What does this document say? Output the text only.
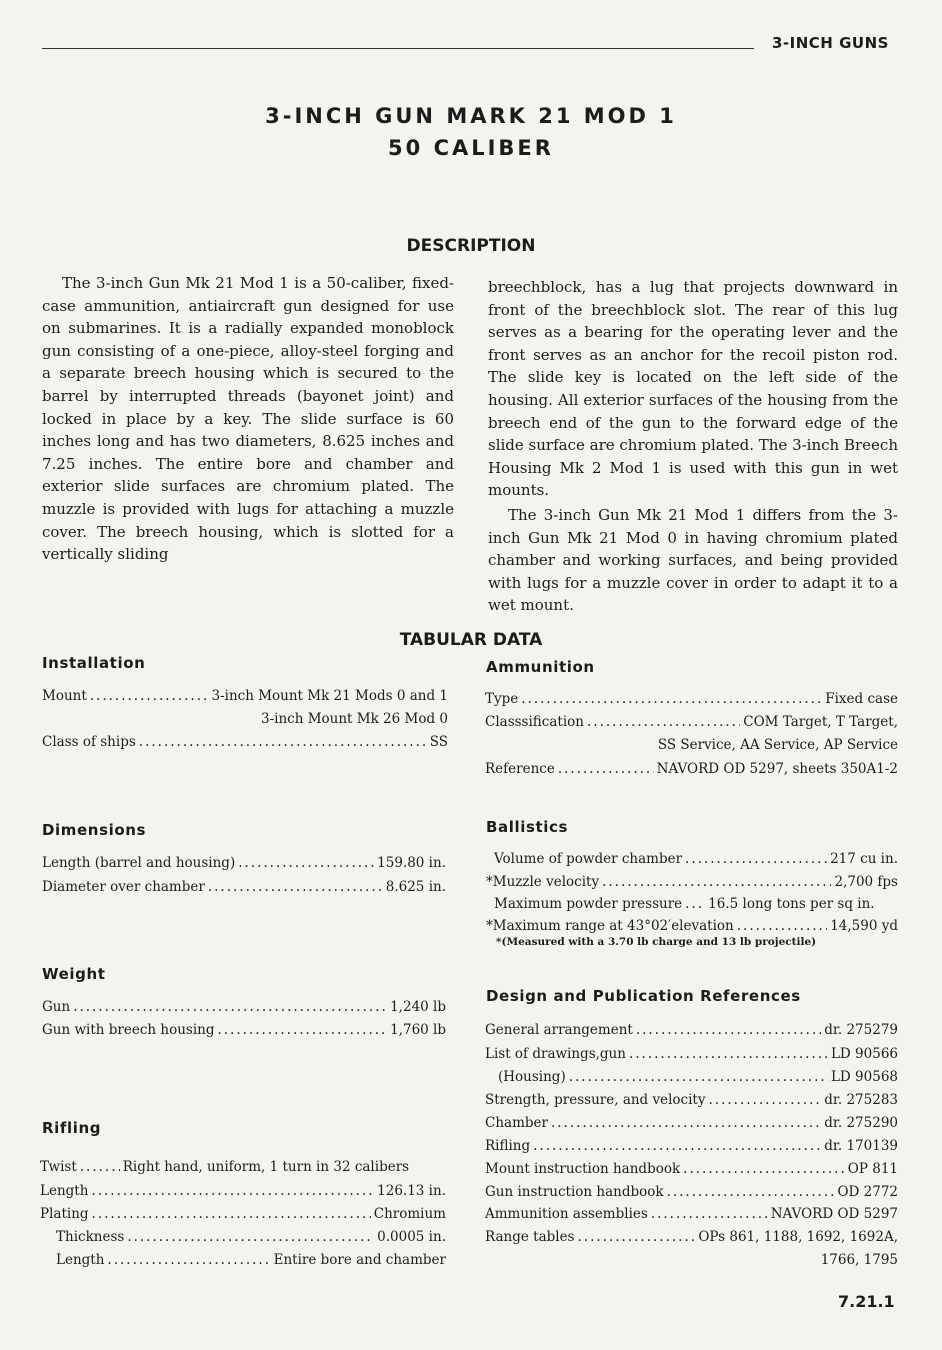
3-INCH GUNS
3-INCH GUN MARK 21 MOD 1
50 CALIBER
DESCRIPTION

The 3-inch Gun Mk 21 Mod 1 is a 50-caliber, fixed-case ammunition, antiaircraft gun designed for use on submarines. It is a radially expanded monoblock gun consisting of a one-piece, alloy-steel forging and a separate breech housing which is secured to the barrel by interrupted threads (bayonet joint) and locked in place by a key. The slide surface is 60 inches long and has two diameters, 8.625 inches and 7.25 inches. The entire bore and chamber and exterior slide surfaces are chromium plated. The muzzle is provided with lugs for attaching a muzzle cover. The breech housing, which is slotted for a vertically sliding

breechblock, has a lug that projects downward in front of the breechblock slot. The rear of this lug serves as a bearing for the operating lever and the front serves as an anchor for the recoil piston rod. The slide key is located on the left side of the housing. All exterior surfaces of the housing from the breech end of the gun to the forward edge of the slide surface are chromium plated. The 3-inch Breech Housing Mk 2 Mod 1 is used with this gun in wet mounts.

The 3-inch Gun Mk 21 Mod 1 differs from the 3-inch Gun Mk 21 Mod 0 in having chromium plated chamber and working surfaces, and being provided with lugs for a muzzle cover in order to adapt it to a wet mount.

TABULAR DATA
Installation
Mount .....	3-inch Mount Mk 21 Mods 0 and 1
3-inch Mount Mk 26 Mod 0
Class of ships .....	SS
Dimensions
Length (barrel and housing) .....	159.80 in.
Diameter over chamber .....	8.625 in.
Weight
Gun .....	1,240 lb
Gun with breech housing .....	1,760 lb
Rifling
Twist .....	Right hand, uniform, 1 turn in 32 calibers
Length .....	126.13 in.
Plating .....	Chromium
Thickness .....	0.0005 in.
Length .....	Entire bore and chamber
Ammunition
Type .....	Fixed case
Classsification .....	COM Target, T Target,
SS Service, AA Service, AP Service
Reference .....	NAVORD OD 5297, sheets 350A1-2
Ballistics
Volume of powder chamber .....	217 cu in.
*Muzzle velocity .....	2,700 fps
Maximum powder pressure ..... 16.5 long tons per sq in.
*Maximum range at 43°02′elevation .....	14,590 yd
*(Measured with a 3.70 lb charge and 13 lb projectile)
Design and Publication References
General arrangement .....	dr. 275279
List of drawings,gun .....	LD 90566
(Housing) .....	LD 90568
Strength, pressure, and velocity .....	dr. 275283
Chamber .....	dr. 275290
Rifling .....	dr. 170139
Mount instruction handbook .....	OP 811
Gun instruction handbook .....	OD 2772
Ammunition assemblies .....	NAVORD OD 5297
Range tables .....	OPs 861, 1188, 1692, 1692A,
1766, 1795
7.21.1
